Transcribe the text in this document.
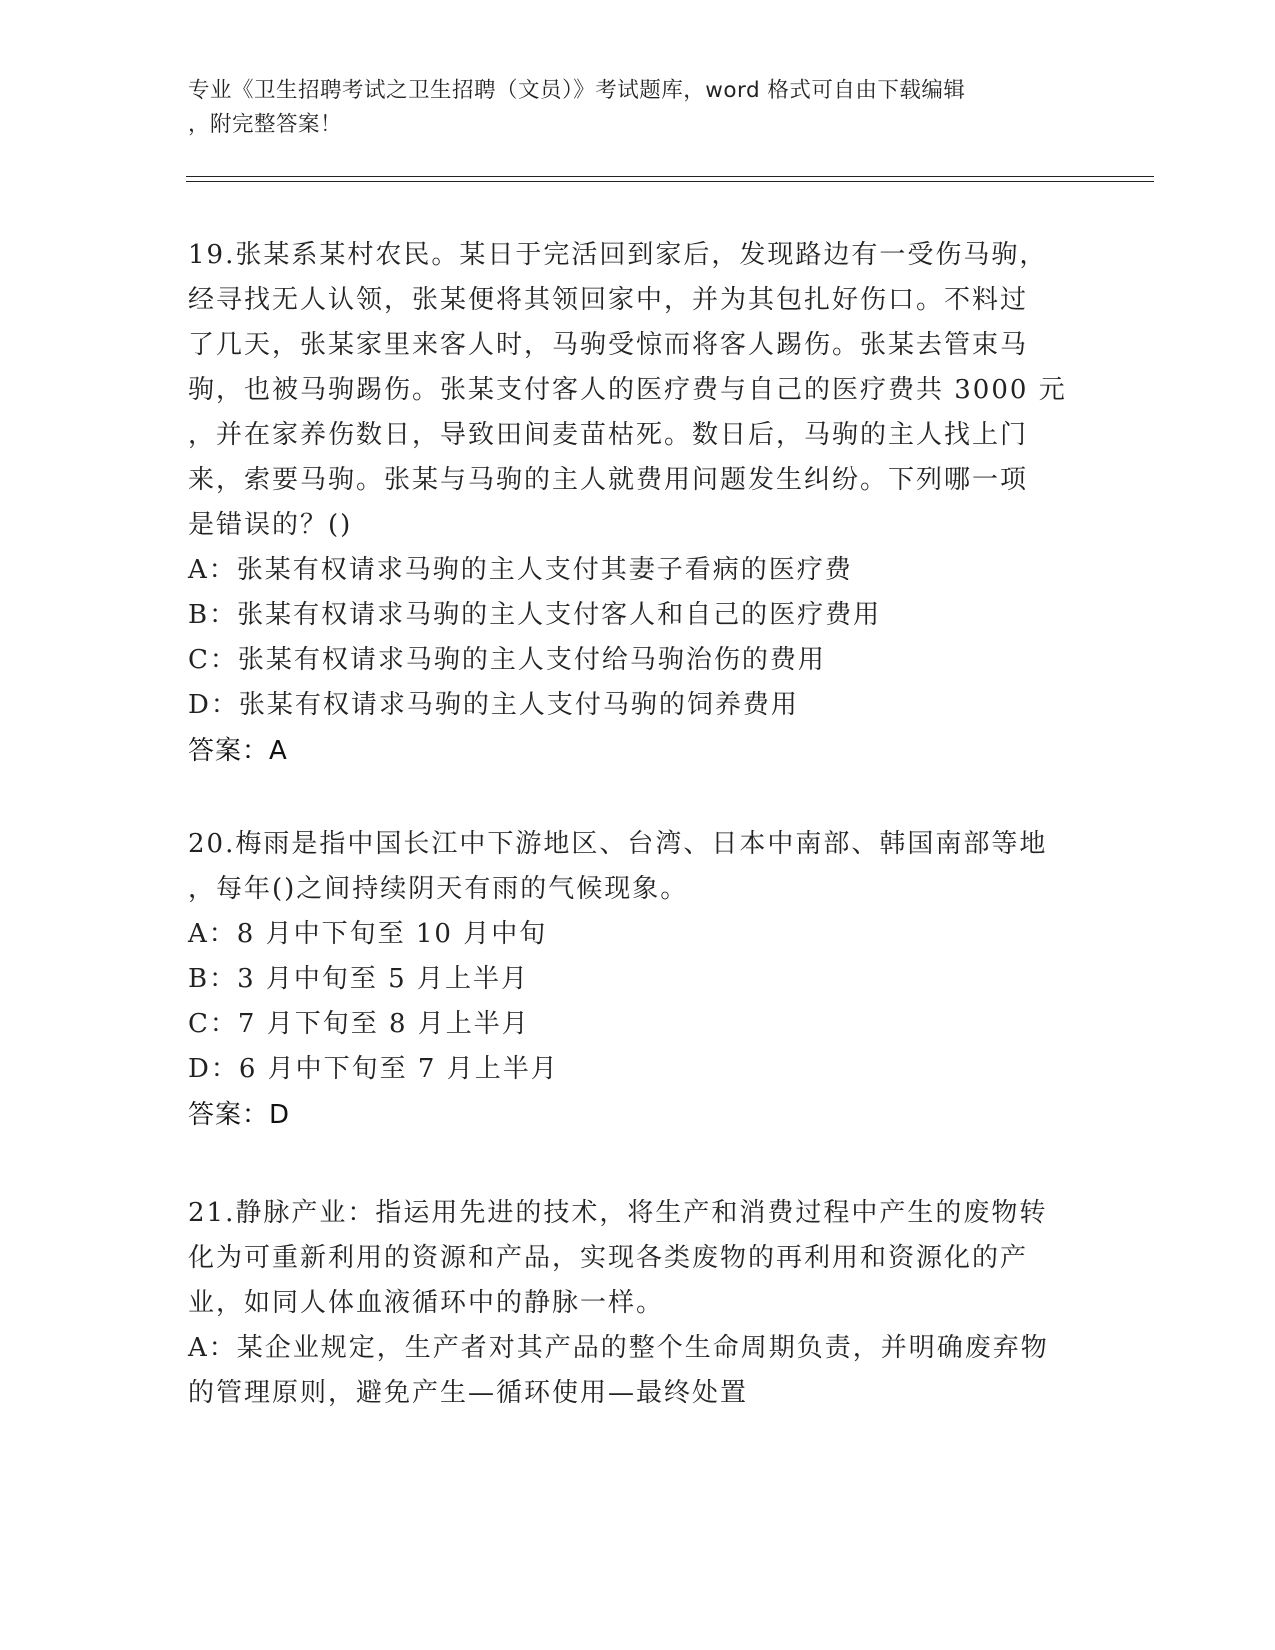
专业《卫生招聘考试之卫生招聘（文员）》考试题库，word 格式可自由下载编辑
，附完整答案！
19.张某系某村农民。某日于完活回到家后，发现路边有一受伤马驹，
经寻找无人认领，张某便将其领回家中，并为其包扎好伤口。不料过
了几天，张某家里来客人时，马驹受惊而将客人踢伤。张某去管束马
驹，也被马驹踢伤。张某支付客人的医疗费与自己的医疗费共 3000 元
，并在家养伤数日，导致田间麦苗枯死。数日后，马驹的主人找上门
来，索要马驹。张某与马驹的主人就费用问题发生纠纷。下列哪一项
是错误的？()
A：张某有权请求马驹的主人支付其妻子看病的医疗费
B：张某有权请求马驹的主人支付客人和自己的医疗费用
C：张某有权请求马驹的主人支付给马驹治伤的费用
D：张某有权请求马驹的主人支付马驹的饲养费用
答案：A
20.梅雨是指中国长江中下游地区、台湾、日本中南部、韩国南部等地
，每年()之间持续阴天有雨的气候现象。
A：8 月中下旬至 10 月中旬
B：3 月中旬至 5 月上半月
C：7 月下旬至 8 月上半月
D：6 月中下旬至 7 月上半月
答案：D
21.静脉产业：指运用先进的技术，将生产和消费过程中产生的废物转
化为可重新利用的资源和产品，实现各类废物的再利用和资源化的产
业，如同人体血液循环中的静脉一样。
A：某企业规定，生产者对其产品的整个生命周期负责，并明确废弃物
的管理原则，避免产生—循环使用—最终处置
